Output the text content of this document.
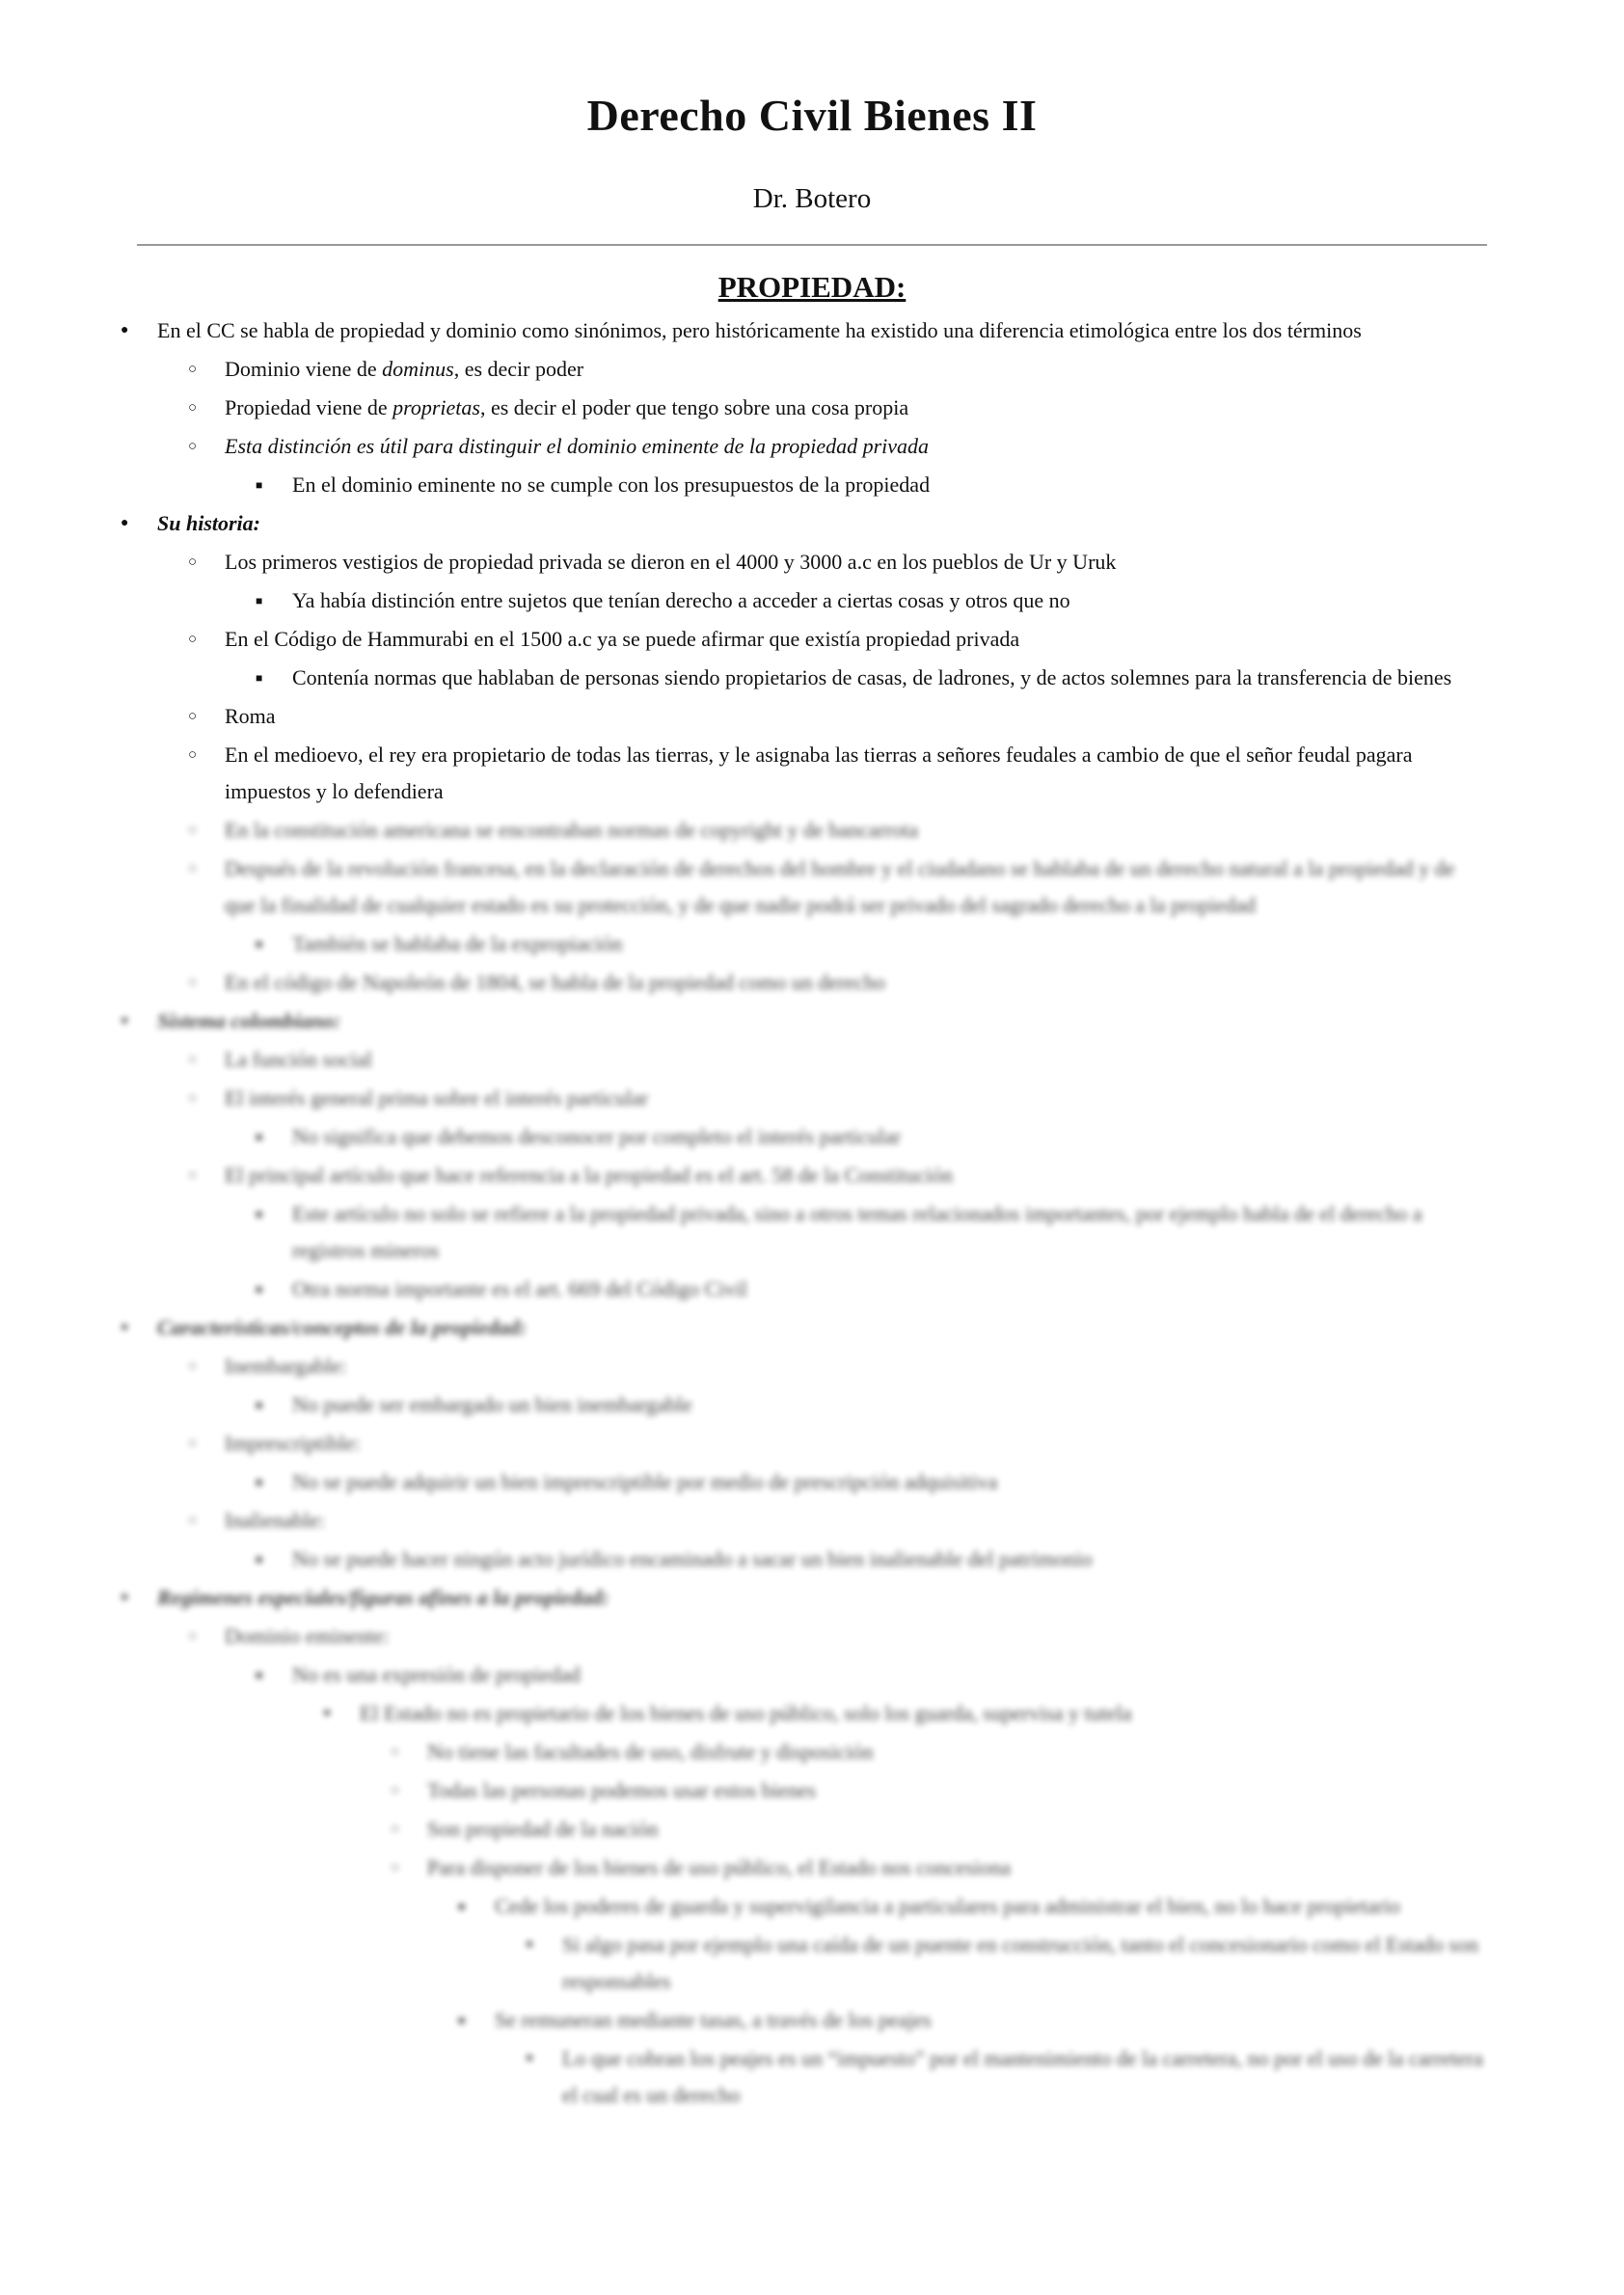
Derecho Civil Bienes II
Dr. Botero
PROPIEDAD:
●	En el CC se habla de propiedad y dominio como sinónimos, pero históricamente ha existido una diferencia etimológica entre los dos términos
○	Dominio viene de dominus, es decir poder
○	Propiedad viene de proprietas, es decir el poder que tengo sobre una cosa propia
○	Esta distinción es útil para distinguir el dominio eminente de la propiedad privada
■	En el dominio eminente no se cumple con los presupuestos de la propiedad
●	Su historia:
○	Los primeros vestigios de propiedad privada se dieron en el 4000 y 3000 a.c en los pueblos de Ur y Uruk
■	Ya había distinción entre sujetos que tenían derecho a acceder a ciertas cosas y otros que no
○	En el Código de Hammurabi en el 1500 a.c ya se puede afirmar que existía propiedad privada
■	Contenía normas que hablaban de personas siendo propietarios de casas, de ladrones, y de actos solemnes para la transferencia de bienes
○	Roma
○	En el medioevo, el rey era propietario de todas las tierras, y le asignaba las tierras a señores feudales a cambio de que el señor feudal pagara impuestos y lo defendiera
○	En la constitución americana se encontraban normas de copyright y de bancarrota
○	Después de la revolución francesa, en la declaración de derechos del hombre y el ciudadano se hablaba de un derecho natural a la propiedad y de que la finalidad de cualquier estado es su protección, y de que nadie podrá ser privado del sagrado derecho a la propiedad
■	También se hablaba de la expropiación
○	En el código de Napoleón de 1804, se habla de la propiedad como un derecho
●	Sistema colombiano:
○	La función social
○	El interés general prima sobre el interés particular
■	No significa que debemos desconocer por completo el interés particular
○	El principal artículo que hace referencia a la propiedad es el art. 58 de la Constitución
■	Este artículo no solo se refiere a la propiedad privada, sino a otros temas relacionados importantes, por ejemplo habla de el derecho a registros mineros
■	Otra norma importante es el art. 669 del Código Civil
●	Características/conceptos de la propiedad:
○	Inembargable:
■	No puede ser embargado un bien inembargable
○	Imprescriptible:
■	No se puede adquirir un bien imprescriptible por medio de prescripción adquisitiva
○	Inalienable:
■	No se puede hacer ningún acto jurídico encaminado a sacar un bien inalienable del patrimonio
●	Regímenes especiales/figuras afines a la propiedad:
○	Dominio eminente:
■	No es una expresión de propiedad
●	El Estado no es propietario de los bienes de uso público, solo los guarda, supervisa y tutela
○	No tiene las facultades de uso, disfrute y disposición
○	Todas las personas podemos usar estos bienes
○	Son propiedad de la nación
○	Para disponer de los bienes de uso público, el Estado nos concesiona
■	Cede los poderes de guarda y supervigilancia a particulares para administrar el bien, no lo hace propietario
●	Si algo pasa por ejemplo una caída de un puente en construcción, tanto el concesionario como el Estado son responsables
■	Se remuneran mediante tasas, a través de los peajes
●	Lo que cobran los peajes es un “impuesto” por el mantenimiento de la carretera, no por el uso de la carretera el cual es un derecho
